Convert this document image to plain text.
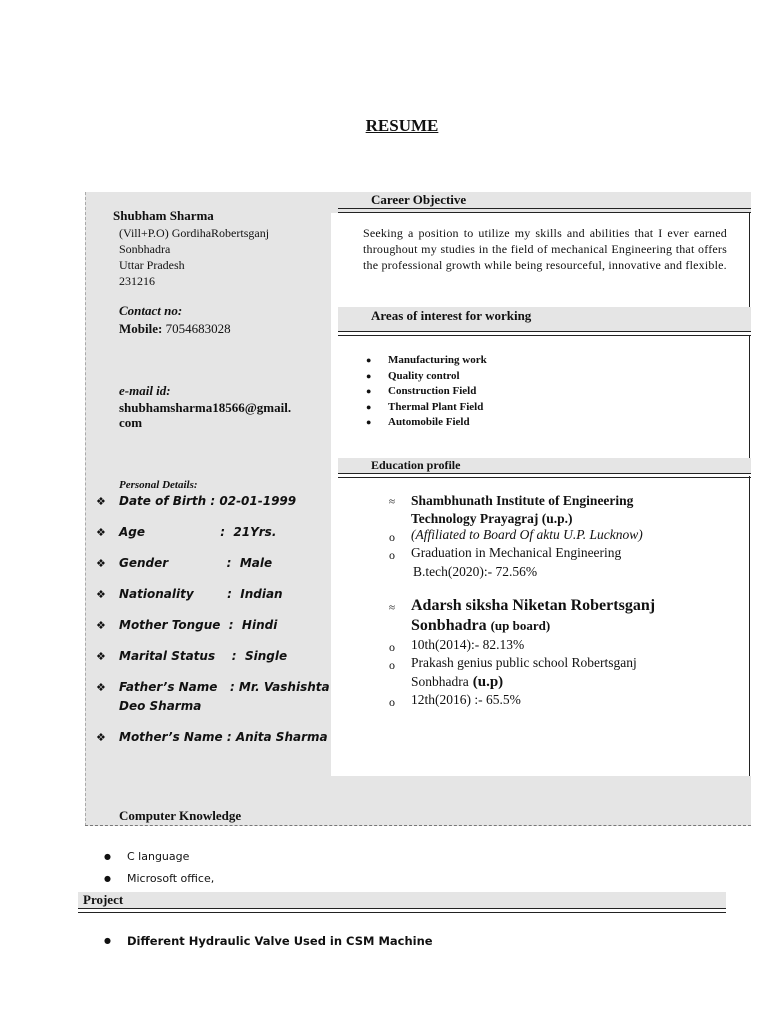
RESUME
Shubham Sharma
(Vill+P.O) GordihaRobertsganj
Sonbhadra
Uttar Pradesh
231216
Contact no:
Mobile: 7054683028
e-mail id:
shubhamsharma18566@gmail.
com
Personal Details:
❖ Date of Birth : 02-01-1999
❖ Age                  :  21Yrs.
❖ Gender              :  Male
❖ Nationality        :  Indian
❖ Mother Tongue  :  Hindi
❖ Marital Status    :  Single
❖ Father’s Name   : Mr. Vashishta
Deo Sharma
❖ Mother’s Name : Anita Sharma
Career Objective
Seeking a position to utilize my skills and abilities that I ever earned throughout my studies in the field of mechanical Engineering that offers the professional growth while being resourceful, innovative and flexible.
Areas of interest for working
● Manufacturing work
● Quality control
● Construction Field
● Thermal Plant Field
● Automobile Field
Education profile
≈ Shambhunath Institute of Engineering
Technology Prayagraj (u.p.)
o (Affiliated to Board Of aktu U.P. Lucknow)
o Graduation in Mechanical Engineering
B.tech(2020):- 72.56%
≈ Adarsh siksha Niketan Robertsganj
Sonbhadra (up board)
o 10th(2014):- 82.13%
o Prakash genius public school Robertsganj
Sonbhadra (u.p)
o 12th(2016) :- 65.5%
Computer Knowledge
● C language
● Microsoft office,
Project
● Different Hydraulic Valve Used in CSM Machine
